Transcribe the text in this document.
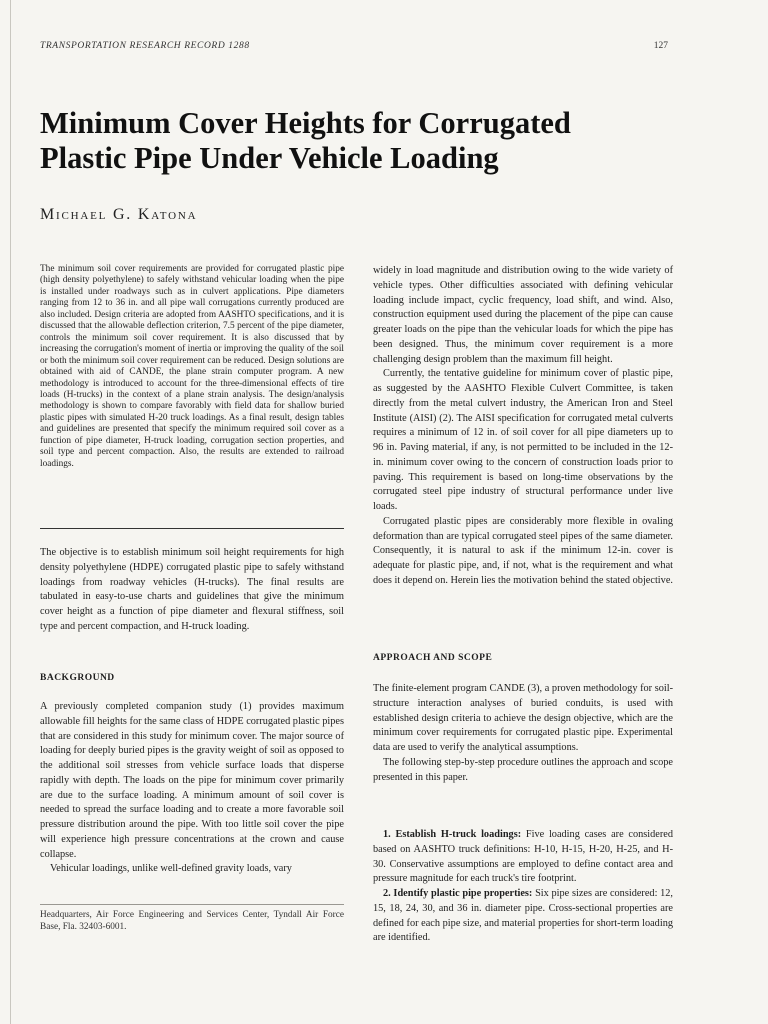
TRANSPORTATION RESEARCH RECORD 1288	127
Minimum Cover Heights for Corrugated
Plastic Pipe Under Vehicle Loading
Michael G. Katona

The minimum soil cover requirements are provided for corrugated plastic pipe (high density polyethylene) to safely withstand vehicular loading when the pipe is installed under roadways such as in culvert applications. Pipe diameters ranging from 12 to 36 in. and all pipe wall corrugations currently produced are also included. Design criteria are adopted from AASHTO specifications, and it is discussed that the allowable deflection criterion, 7.5 percent of the pipe diameter, controls the minimum soil cover requirement. It is also discussed that by increasing the corrugation's moment of inertia or improving the quality of the soil or both the minimum soil cover requirement can be reduced. Design solutions are obtained with aid of CANDE, the plane strain computer program. A new methodology is introduced to account for the three-dimensional effects of tire loads (H-trucks) in the context of a plane strain analysis. The design/analysis methodology is shown to compare favorably with field data for shallow buried plastic pipes with simulated H-20 truck loadings. As a final result, design tables and guidelines are presented that specify the minimum required soil cover as a function of pipe diameter, H-truck loading, corrugation section properties, and soil type and percent compaction. Also, the results are extended to railroad loadings.

The objective is to establish minimum soil height requirements for high density polyethylene (HDPE) corrugated plastic pipe to safely withstand loadings from roadway vehicles (H-trucks). The final results are tabulated in easy-to-use charts and guidelines that give the minimum cover height as a function of pipe diameter and flexural stiffness, soil type and percent compaction, and H-truck loading.

BACKGROUND

A previously completed companion study (1) provides maximum allowable fill heights for the same class of HDPE corrugated plastic pipes that are considered in this study for minimum cover. The major source of loading for deeply buried pipes is the gravity weight of soil as opposed to the additional soil stresses from vehicle surface loads that disperse rapidly with depth. The loads on the pipe for minimum cover primarily are due to the surface loading. A minimum amount of soil cover is needed to spread the surface loading and to create a more favorable soil pressure distribution around the pipe. With too little soil cover the pipe will experience high pressure concentrations at the crown and cause collapse.

Vehicular loadings, unlike well-defined gravity loads, vary

Headquarters, Air Force Engineering and Services Center, Tyndall Air Force Base, Fla. 32403-6001.

widely in load magnitude and distribution owing to the wide variety of vehicle types. Other difficulties associated with defining vehicular loading include impact, cyclic frequency, load shift, and wind. Also, construction equipment used during the placement of the pipe can cause greater loads on the pipe than the vehicular loads for which the pipe has been designed. Thus, the minimum cover requirement is a more challenging design problem than the maximum fill height.

Currently, the tentative guideline for minimum cover of plastic pipe, as suggested by the AASHTO Flexible Culvert Committee, is taken directly from the metal culvert industry, the American Iron and Steel Institute (AISI) (2). The AISI specification for corrugated metal culverts requires a minimum of 12 in. of soil cover for all pipe diameters up to 96 in. Paving material, if any, is not permitted to be included in the 12-in. minimum cover owing to the concern of construction loads prior to paving. This requirement is based on long-time observations by the corrugated steel pipe industry of structural performance under live loads.

Corrugated plastic pipes are considerably more flexible in ovaling deformation than are typical corrugated steel pipes of the same diameter. Consequently, it is natural to ask if the minimum 12-in. cover is adequate for plastic pipe, and, if not, what is the requirement and what does it depend on. Herein lies the motivation behind the stated objective.

APPROACH AND SCOPE

The finite-element program CANDE (3), a proven methodology for soil-structure interaction analyses of buried conduits, is used with established design criteria to achieve the design objective, which are the minimum cover requirements for corrugated plastic pipe. Experimental data are used to verify the analytical assumptions.

The following step-by-step procedure outlines the approach and scope presented in this paper.

1. Establish H-truck loadings: Five loading cases are considered based on AASHTO truck definitions: H-10, H-15, H-20, H-25, and H-30. Conservative assumptions are employed to define contact area and pressure magnitude for each truck's tire footprint.

2. Identify plastic pipe properties: Six pipe sizes are considered: 12, 15, 18, 24, 30, and 36 in. diameter pipe. Cross-sectional properties are defined for each pipe size, and material properties for short-term loading are identified.
